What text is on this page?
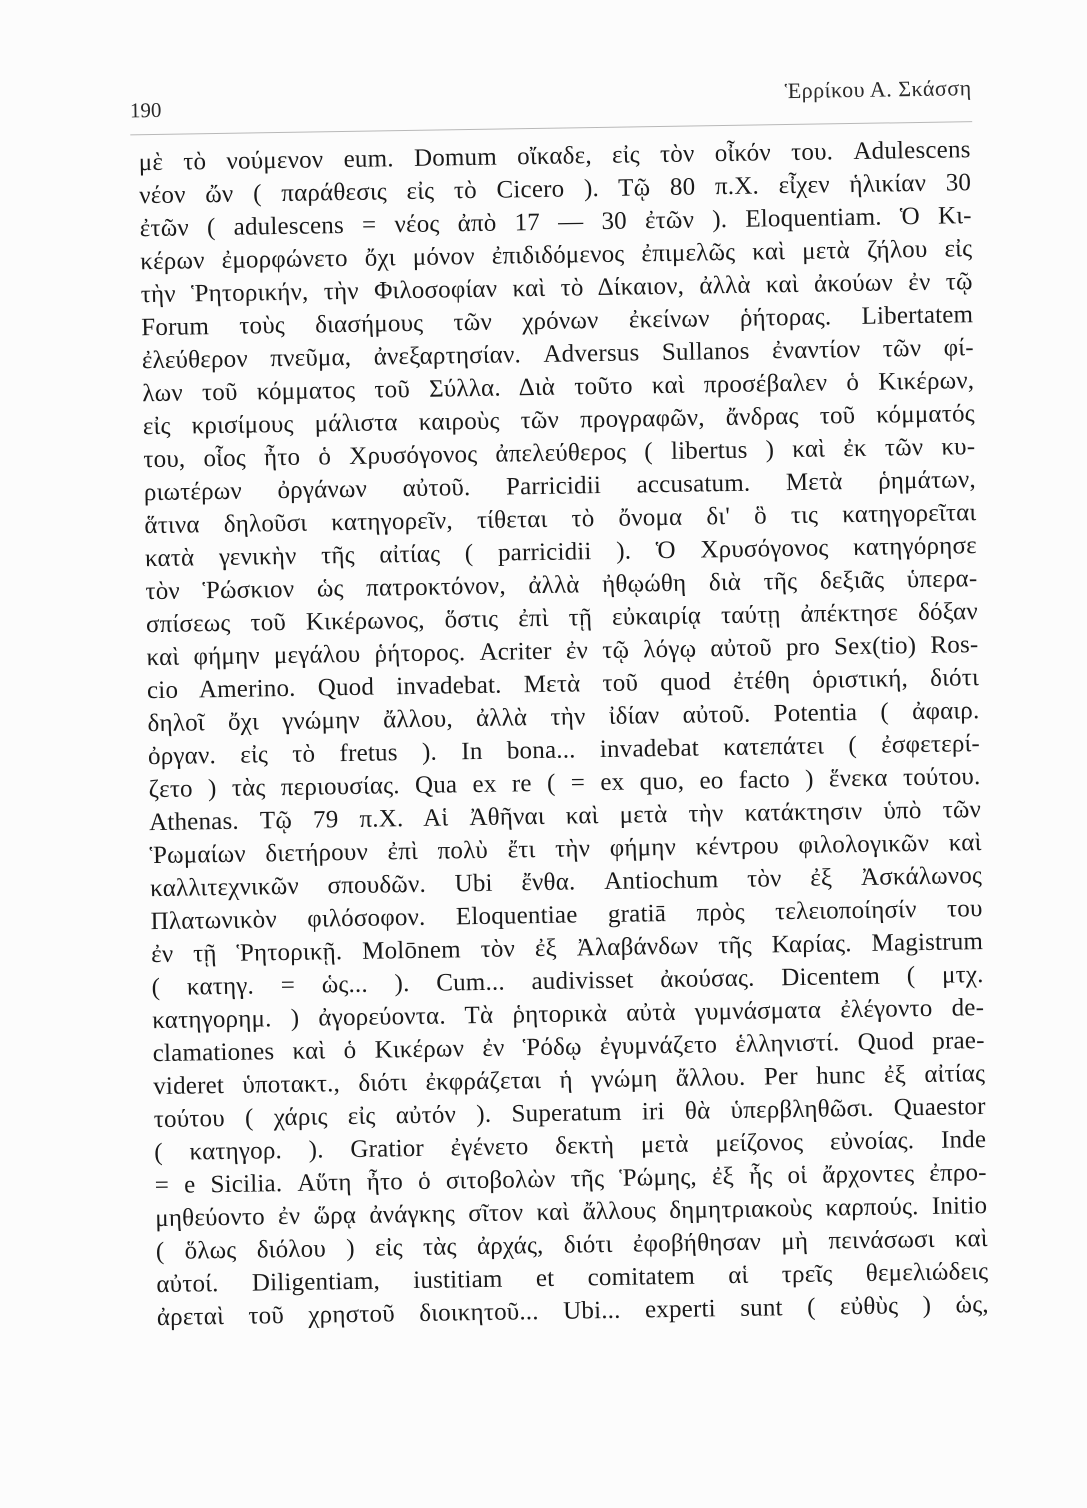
190
Ἑρρίκου Α. Σκάσση
μὲ τὸ νούμενον eum. Domum οἴκαδε, εἰς τὸν οἶκόν του. Adulescens
νέον ὤν ( παράθεσις εἰς τὸ Cicero ). Τῷ 80 π.Χ. εἶχεν ἡλικίαν 30
ἐτῶν ( adulescens = νέος ἀπὸ 17 — 30 ἐτῶν ). Eloquentiam. Ὁ Κι-
κέρων ἐμορφώνετο ὄχι μόνον ἐπιδιδόμενος ἐπιμελῶς καὶ μετὰ ζήλου εἰς
τὴν Ῥητορικήν, τὴν Φιλοσοφίαν καὶ τὸ Δίκαιον, ἀλλὰ καὶ ἀκούων ἐν τῷ
Forum τοὺς διασήμους τῶν χρόνων ἐκείνων ῥήτορας. Libertatem
ἐλεύθερον πνεῦμα, ἀνεξαρτησίαν. Adversus Sullanos ἐναντίον τῶν φί-
λων τοῦ κόμματος τοῦ Σύλλα. Διὰ τοῦτο καὶ προσέβαλεν ὁ Κικέρων,
εἰς κρισίμους μάλιστα καιροὺς τῶν προγραφῶν, ἄνδρας τοῦ κόμματός
του, οἷος ἦτο ὁ Χρυσόγονος ἀπελεύθερος ( libertus ) καὶ ἐκ τῶν κυ-
ριωτέρων ὀργάνων αὐτοῦ. Parricidii accusatum. Μετὰ ῥημάτων,
ἅτινα δηλοῦσι κατηγορεῖν, τίθεται τὸ ὄνομα δι' ὃ τις κατηγορεῖται
κατὰ γενικὴν τῆς αἰτίας ( parricidii ). Ὁ Χρυσόγονος κατηγόρησε
τὸν Ῥώσκιον ὡς πατροκτόνον, ἀλλὰ ἠθῳώθη διὰ τῆς δεξιᾶς ὑπερα-
σπίσεως τοῦ Κικέρωνος, ὅστις ἐπὶ τῇ εὐκαιρίᾳ ταύτῃ ἀπέκτησε δόξαν
καὶ φήμην μεγάλου ῥήτορος. Acriter ἐν τῷ λόγῳ αὐτοῦ pro Sex(tio) Ros-
cio Amerino. Quod invadebat. Μετὰ τοῦ quod ἐτέθη ὁριστική, διότι
δηλοῖ ὄχι γνώμην ἄλλου, ἀλλὰ τὴν ἰδίαν αὐτοῦ. Potentia ( ἀφαιρ.
ὀργαν. εἰς τὸ fretus ). In bona... invadebat κατεπάτει ( ἐσφετερί-
ζετο ) τὰς περιουσίας. Qua ex re ( = ex quo, eo facto ) ἕνεκα τούτου.
Athenas. Τῷ 79 π.Χ. Αἱ Ἀθῆναι καὶ μετὰ τὴν κατάκτησιν ὑπὸ τῶν
Ῥωμαίων διετήρουν ἐπὶ πολὺ ἔτι τὴν φήμην κέντρου φιλολογικῶν καὶ
καλλιτεχνικῶν σπουδῶν. Ubi ἔνθα. Antiochum τὸν ἐξ Ἀσκάλωνος
Πλατωνικὸν φιλόσοφον. Eloquentiae gratiā πρὸς τελειοποίησίν του
ἐν τῇ Ῥητορικῇ. Molōnem τὸν ἐξ Ἀλαβάνδων τῆς Καρίας. Magistrum
( κατηγ. = ὡς... ). Cum... audivisset ἀκούσας. Dicentem ( μτχ.
κατηγορημ. ) ἀγορεύοντα. Τὰ ῥητορικὰ αὐτὰ γυμνάσματα ἐλέγοντο de-
clamationes καὶ ὁ Κικέρων ἐν Ῥόδῳ ἐγυμνάζετο ἑλληνιστί. Quod prae-
videret ὑποτακτ., διότι ἐκφράζεται ἡ γνώμη ἄλλου. Per hunc ἐξ αἰτίας
τούτου ( χάρις εἰς αὐτόν ). Superatum iri θὰ ὑπερβληθῶσι. Quaestor
( κατηγορ. ). Gratior ἐγένετο δεκτὴ μετὰ μείζονος εὐνοίας. Inde
= e Sicilia. Αὕτη ἦτο ὁ σιτοβολὼν τῆς Ῥώμης, ἐξ ἧς οἱ ἄρχοντες ἐπρο-
μηθεύοντο ἐν ὥρᾳ ἀνάγκης σῖτον καὶ ἄλλους δημητριακοὺς καρπούς. Initio
( ὅλως διόλου ) εἰς τὰς ἀρχάς, διότι ἐφοβήθησαν μὴ πεινάσωσι καὶ
αὐτοί. Diligentiam, iustitiam et comitatem αἱ τρεῖς θεμελιώδεις
ἀρεταὶ τοῦ χρηστοῦ διοικητοῦ... Ubi... experti sunt ( εὐθὺς ) ὡς,
